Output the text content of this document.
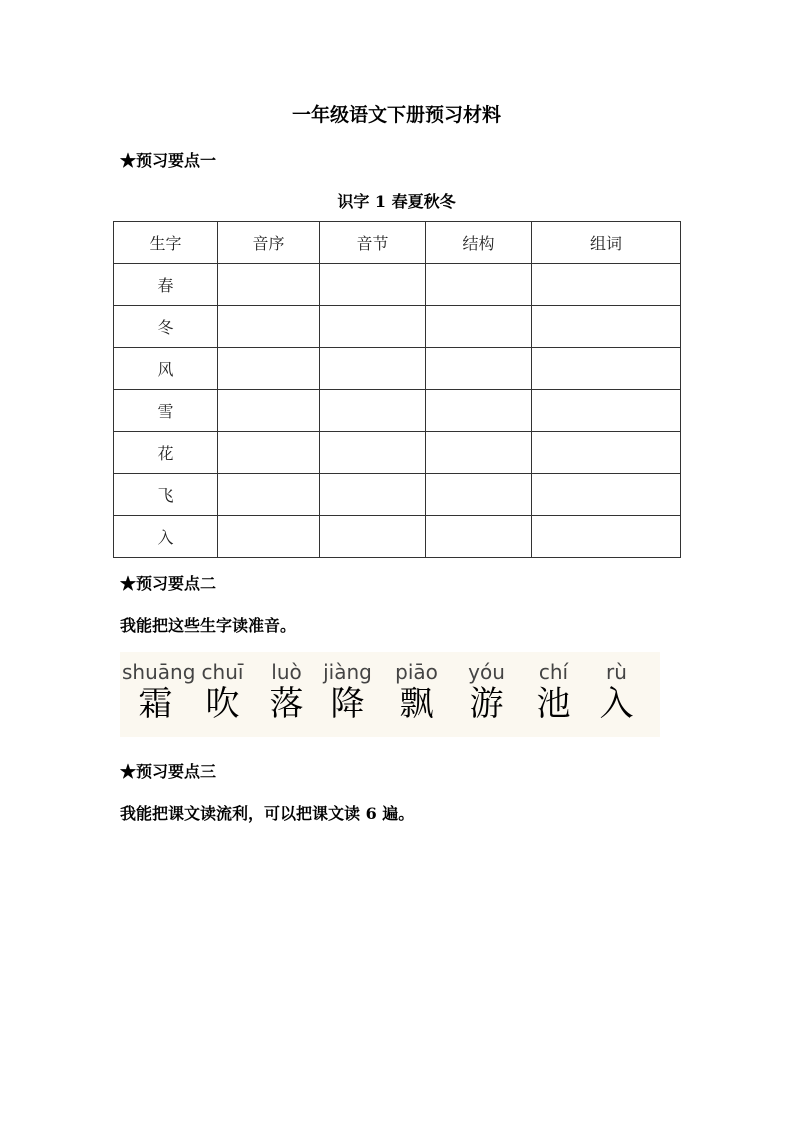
一年级语文下册预习材料
★预习要点一
识字 1 春夏秋冬
生字	音序	音节	结构	组词
春				
冬				
风				
雪				
花				
飞				
入				
★预习要点二
我能把这些生字读准音。
shuāng
霜
chuī
吹
luò
落
jiàng
降
piāo
飘
yóu
游
chí
池
rù
入
★预习要点三
我能把课文读流利，可以把课文读 6 遍。
